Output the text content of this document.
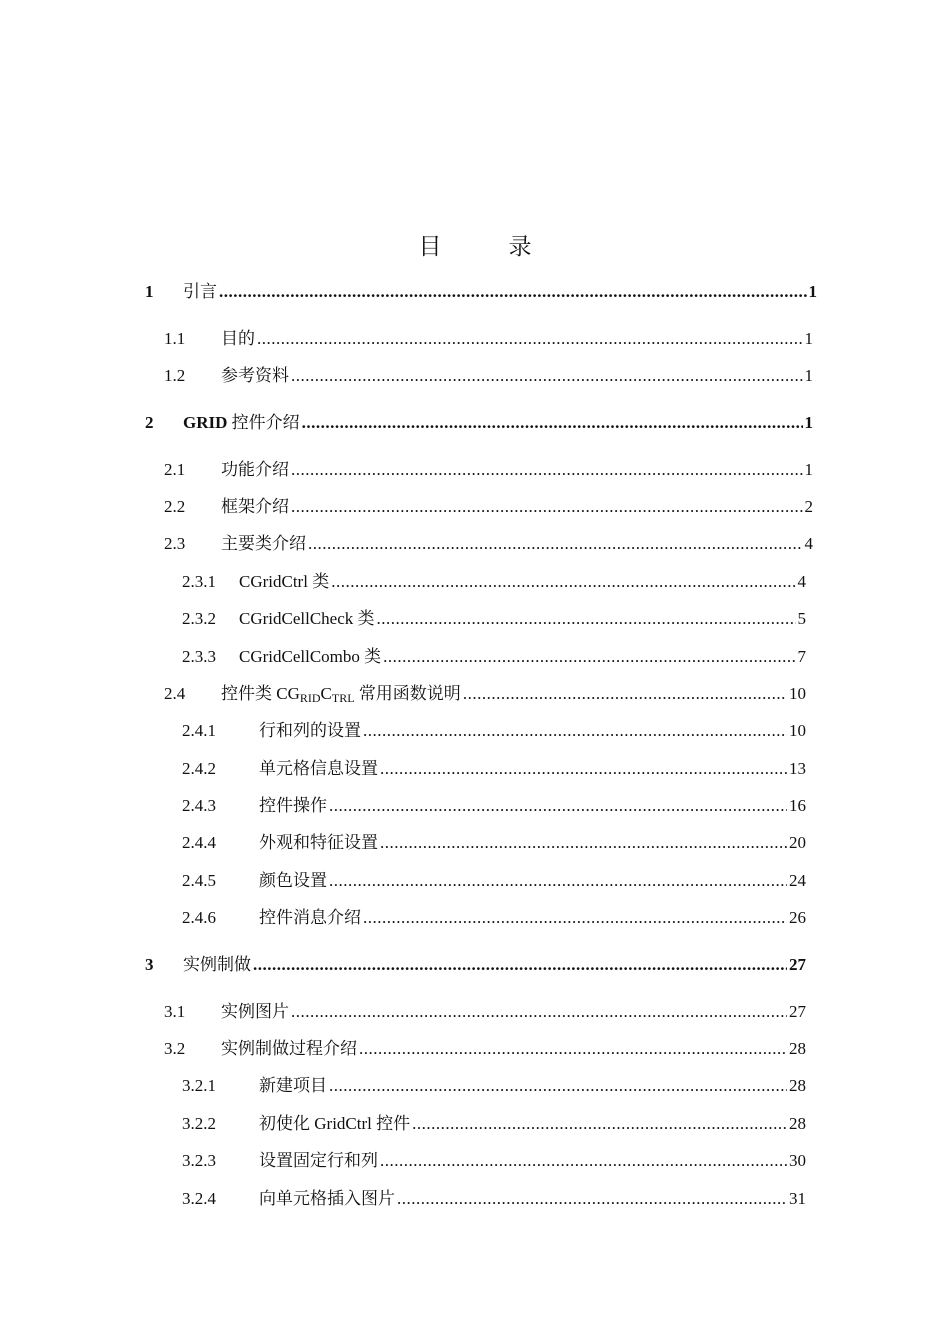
目　录
1	引言 .....	1
1.1	目的 .....	1
1.2	参考资料 .....	1
2	GRID 控件介绍 .....	1
2.1	功能介绍 .....	1
2.2	框架介绍 .....	2
2.3	主要类介绍 .....	4
2.3.1	CGridCtrl 类 .....	4
2.3.2	CGridCellCheck 类 .....	5
2.3.3	CGridCellCombo 类 .....	7
2.4	控件类 $CG_{RID}C_{TRL}$ 常用函数说明 .....	10
2.4.1	行和列的设置 .....	10
2.4.2	单元格信息设置 .....	13
2.4.3	控件操作 .....	16
2.4.4	外观和特征设置 .....	20
2.4.5	颜色设置 .....	24
2.4.6	控件消息介绍 .....	26
3	实例制做 .....	27
3.1	实例图片 .....	27
3.2	实例制做过程介绍 .....	28
3.2.1	新建项目 .....	28
3.2.2	初使化 GridCtrl 控件 .....	28
3.2.3	设置固定行和列 .....	30
3.2.4	向单元格插入图片 .....	31
